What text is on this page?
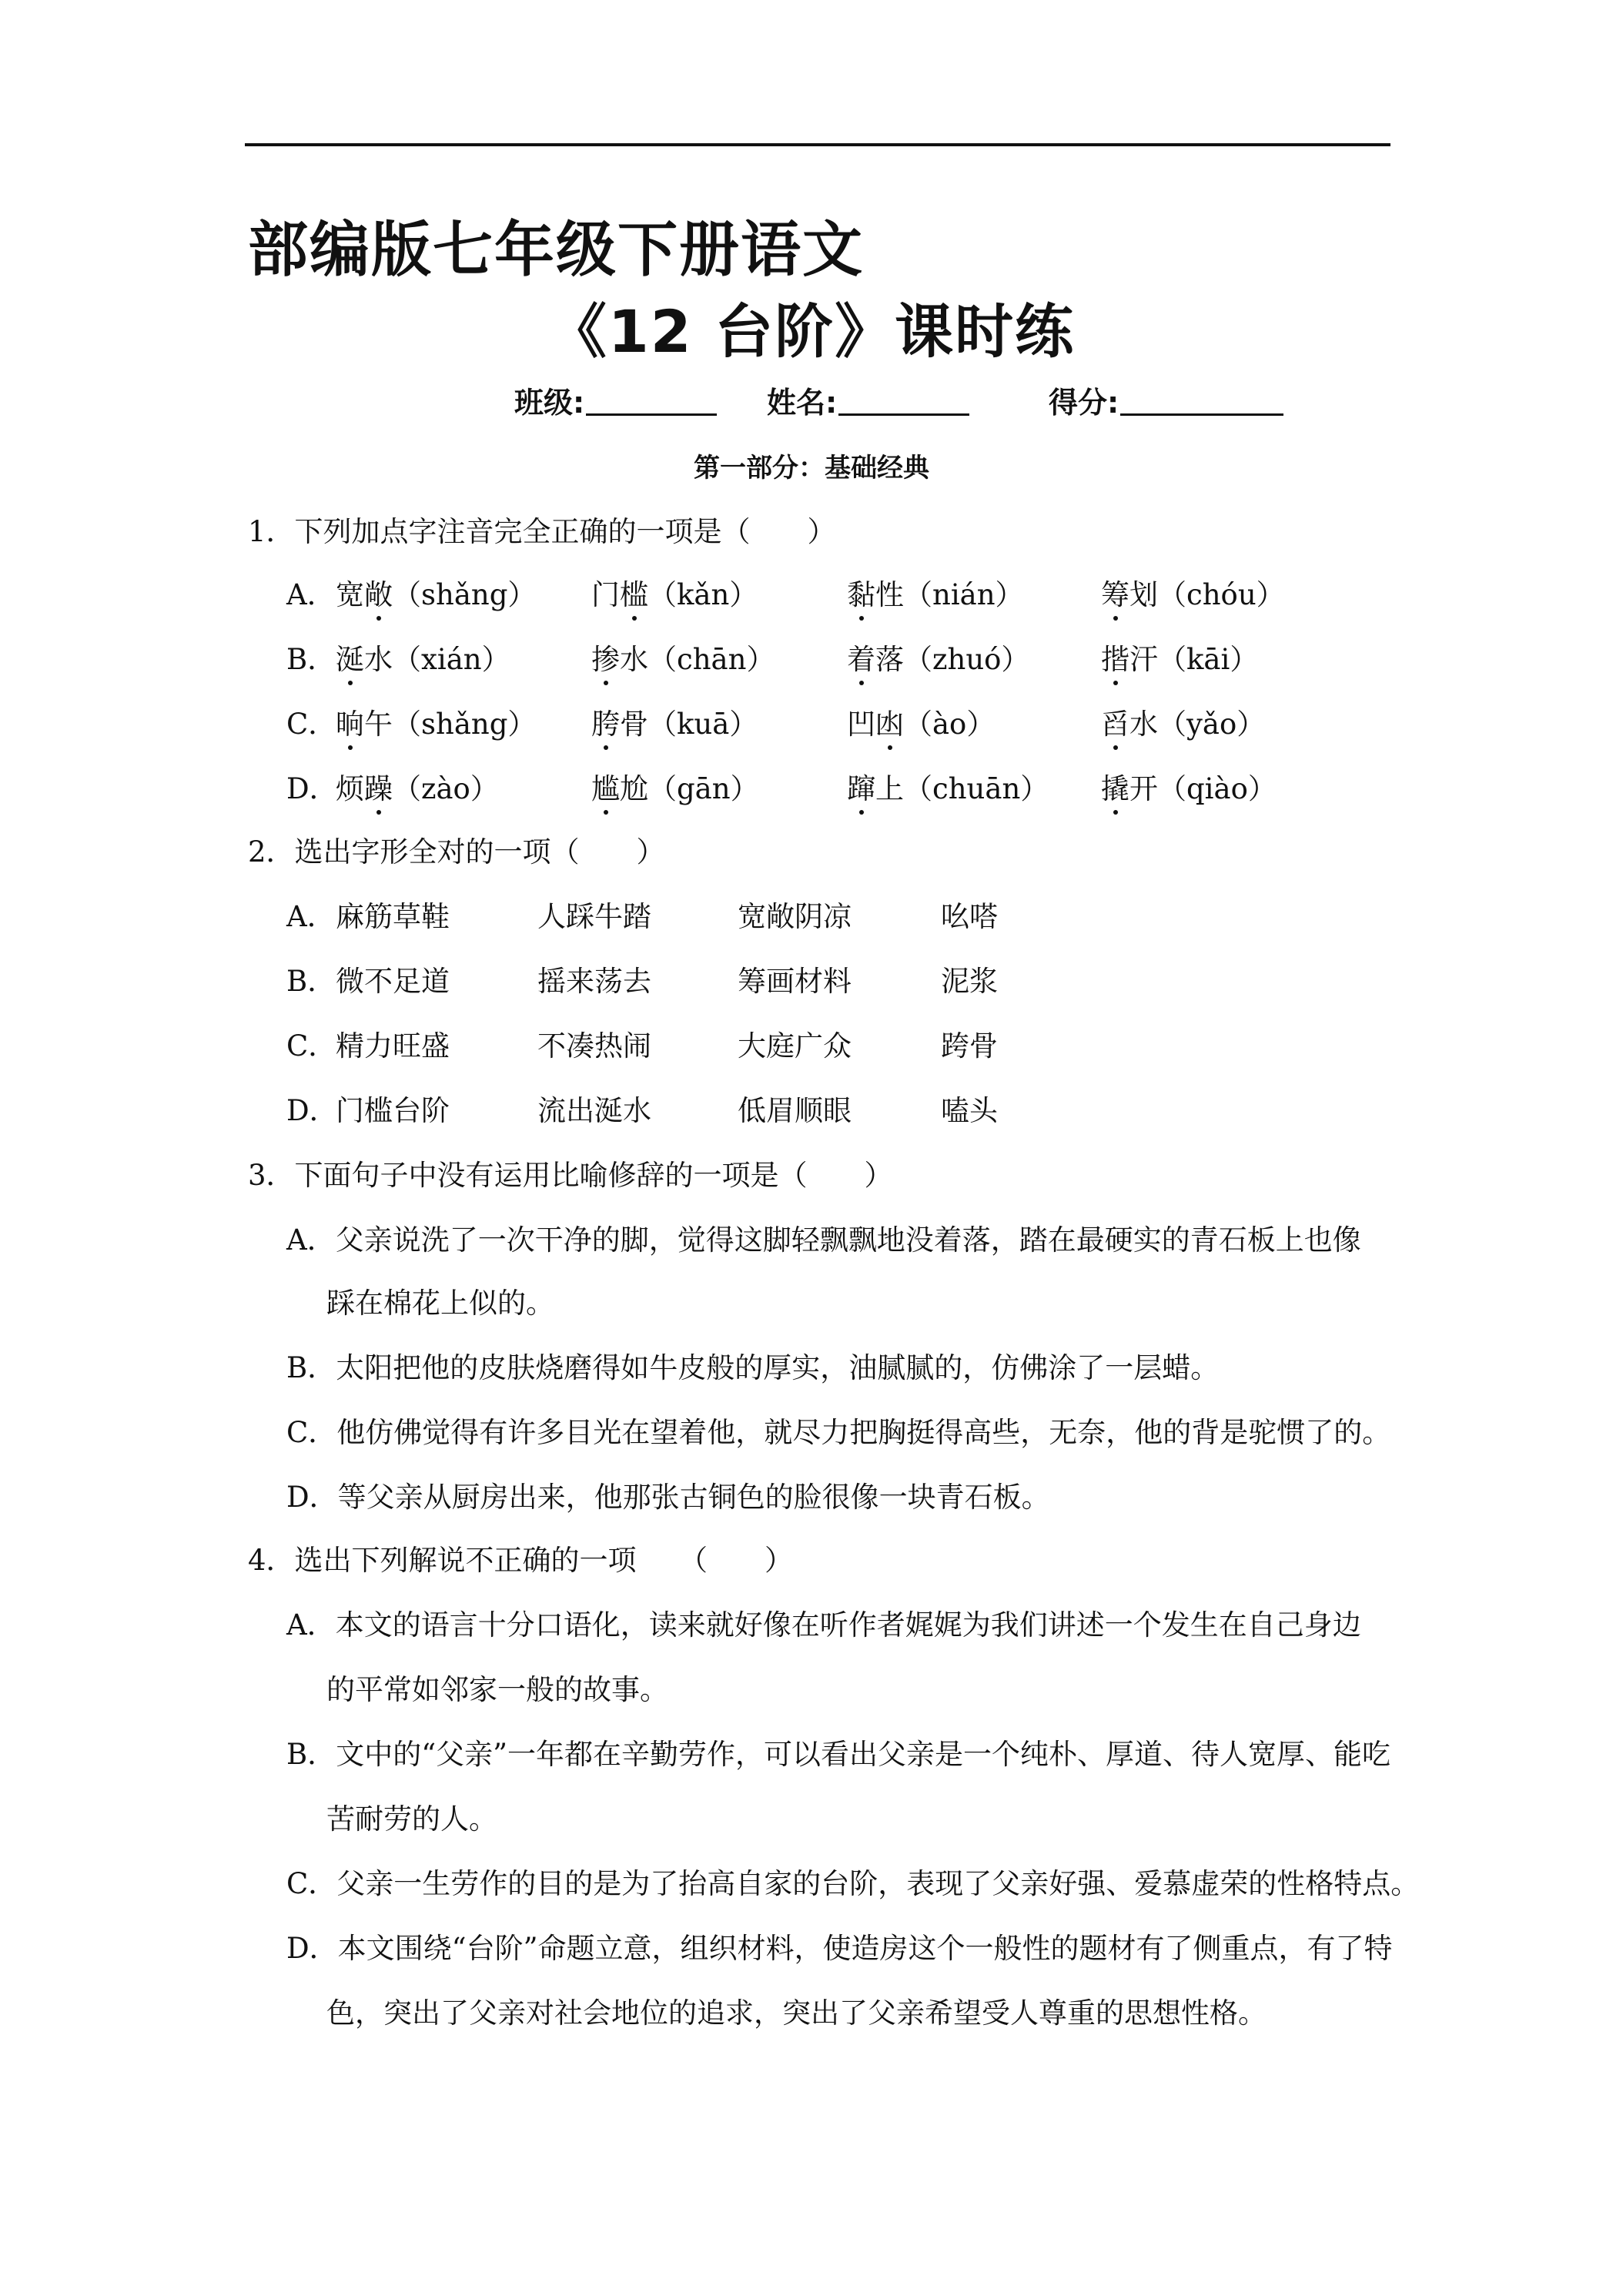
部编版七年级下册语文
《12 台阶》课时练
班级:	姓名:	得分:
第一部分：基础经典
1．下列加点字注音完全正确的一项是（　　）
A． 宽敞（shǎng） 门槛（kǎn）	黏性（nián）	筹划（chóu）
B． 涎水（xián）	掺水（chān）	着落（zhuó）	揩汗（kāi）
C．
晌午（shǎng） 胯骨（kuā）	凹凼（ào）	舀水（yǎo）
D．
烦躁（zào）	尴尬（gān）	蹿上（chuān） 撬开（qiào）
2．选出字形全对的一项（　　）
A． 麻筋草鞋	人踩牛踏	宽敞阴凉	吆嗒
B． 微不足道	摇来荡去	筹画材料	泥浆
C．
精力旺盛	不凑热闹	大庭广众	跨骨
D．
门槛台阶	流出涎水	低眉顺眼	嗑头
3．下面句子中没有运用比喻修辞的一项是（　　）
A．父亲说洗了一次干净的脚，觉得这脚轻飘飘地没着落，踏在最硬实的青石板上也像
踩在棉花上似的。
B．太阳把他的皮肤烧磨得如牛皮般的厚实，油腻腻的，仿佛涂了一层蜡。
C．他仿佛觉得有许多目光在望着他，就尽力把胸挺得高些，无奈，他的背是驼惯了的。
D．等父亲从厨房出来，他那张古铜色的脸很像一块青石板。
4．选出下列解说不正确的一项　　（　　）
A．本文的语言十分口语化，读来就好像在听作者娓娓为我们讲述一个发生在自己身边
的平常如邻家一般的故事。
B．文中的“父亲”一年都在辛勤劳作，可以看出父亲是一个纯朴、厚道、待人宽厚、能吃
苦耐劳的人。
C．父亲一生劳作的目的是为了抬高自家的台阶，表现了父亲好强、爱慕虚荣的性格特点。
D．本文围绕“台阶”命题立意，组织材料，使造房这个一般性的题材有了侧重点，有了特
色，突出了父亲对社会地位的追求，突出了父亲希望受人尊重的思想性格。
